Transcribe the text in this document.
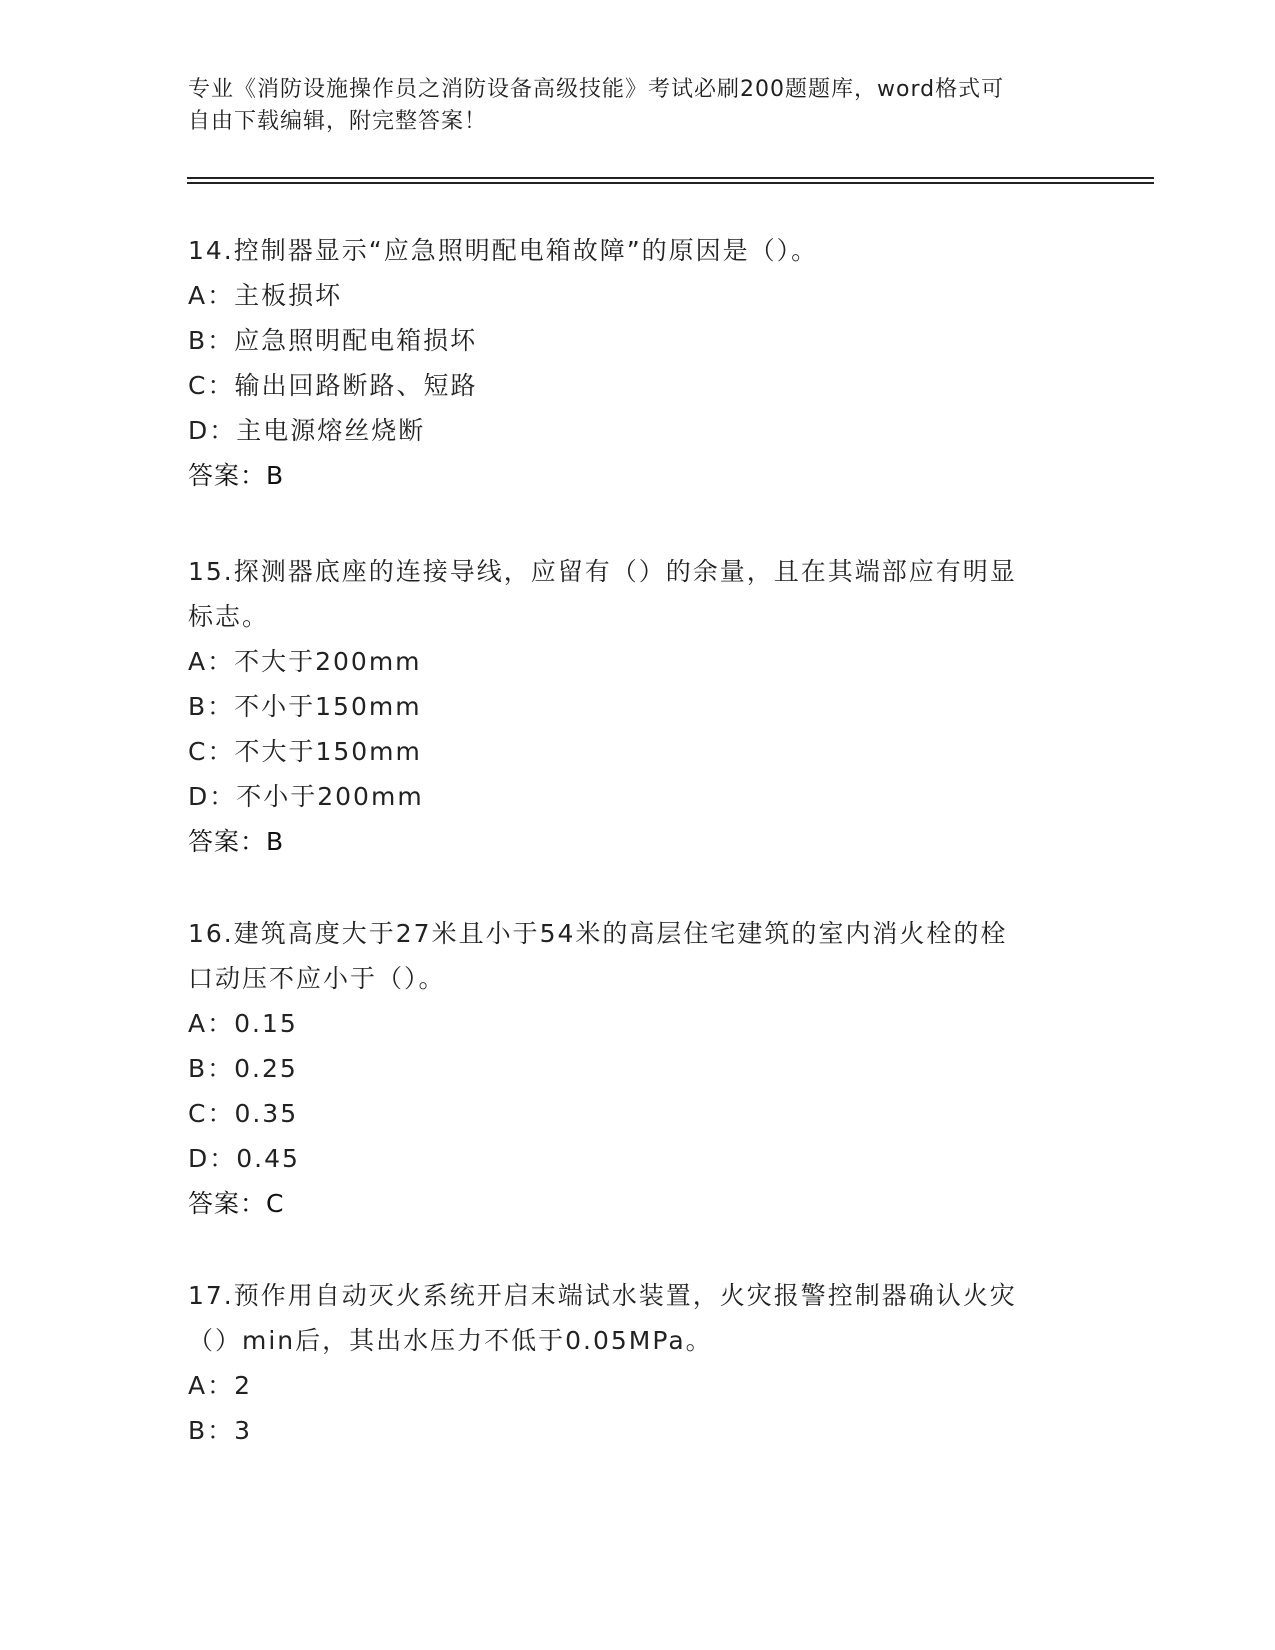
专业《消防设施操作员之消防设备高级技能》考试必刷200题题库，word格式可
自由下载编辑，附完整答案！
14.控制器显示“应急照明配电箱故障”的原因是（）。
A：主板损坏
B：应急照明配电箱损坏
C：输出回路断路、短路
D：主电源熔丝烧断
答案：B
15.探测器底座的连接导线，应留有（）的余量，且在其端部应有明显
标志。
A：不大于200mm
B：不小于150mm
C：不大于150mm
D：不小于200mm
答案：B
16.建筑高度大于27米且小于54米的高层住宅建筑的室内消火栓的栓
口动压不应小于（）。
A：0.15
B：0.25
C：0.35
D：0.45
答案：C
17.预作用自动灭火系统开启末端试水装置，火灾报警控制器确认火灾
（）min后，其出水压力不低于0.05MPa。
A：2
B：3
